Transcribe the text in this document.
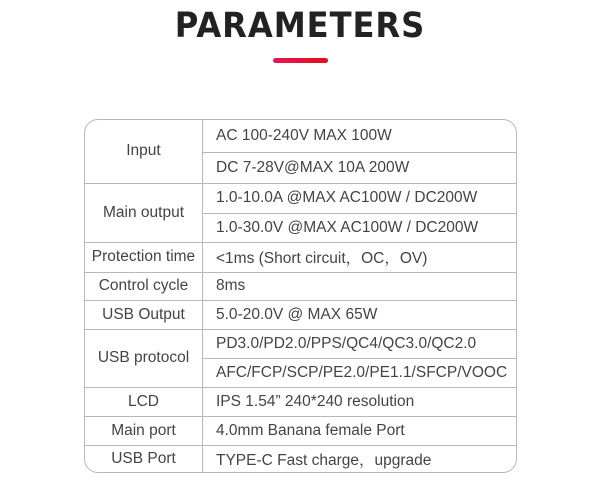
PARAMETERS
Input	AC 100-240V MAX 100W
	DC 7-28V@MAX 10A 200W
Main output	1.0-10.0A @MAX AC100W / DC200W
	1.0-30.0V @MAX AC100W / DC200W
Protection time	<1ms (Short circuit，OC，OV)
Control cycle	8ms
USB Output	5.0-20.0V @ MAX 65W
USB protocol	PD3.0/PD2.0/PPS/QC4/QC3.0/QC2.0
	AFC/FCP/SCP/PE2.0/PE1.1/SFCP/VOOC
LCD	IPS 1.54” 240*240 resolution
Main port	4.0mm Banana female Port
USB Port	TYPE-C Fast charge，upgrade
